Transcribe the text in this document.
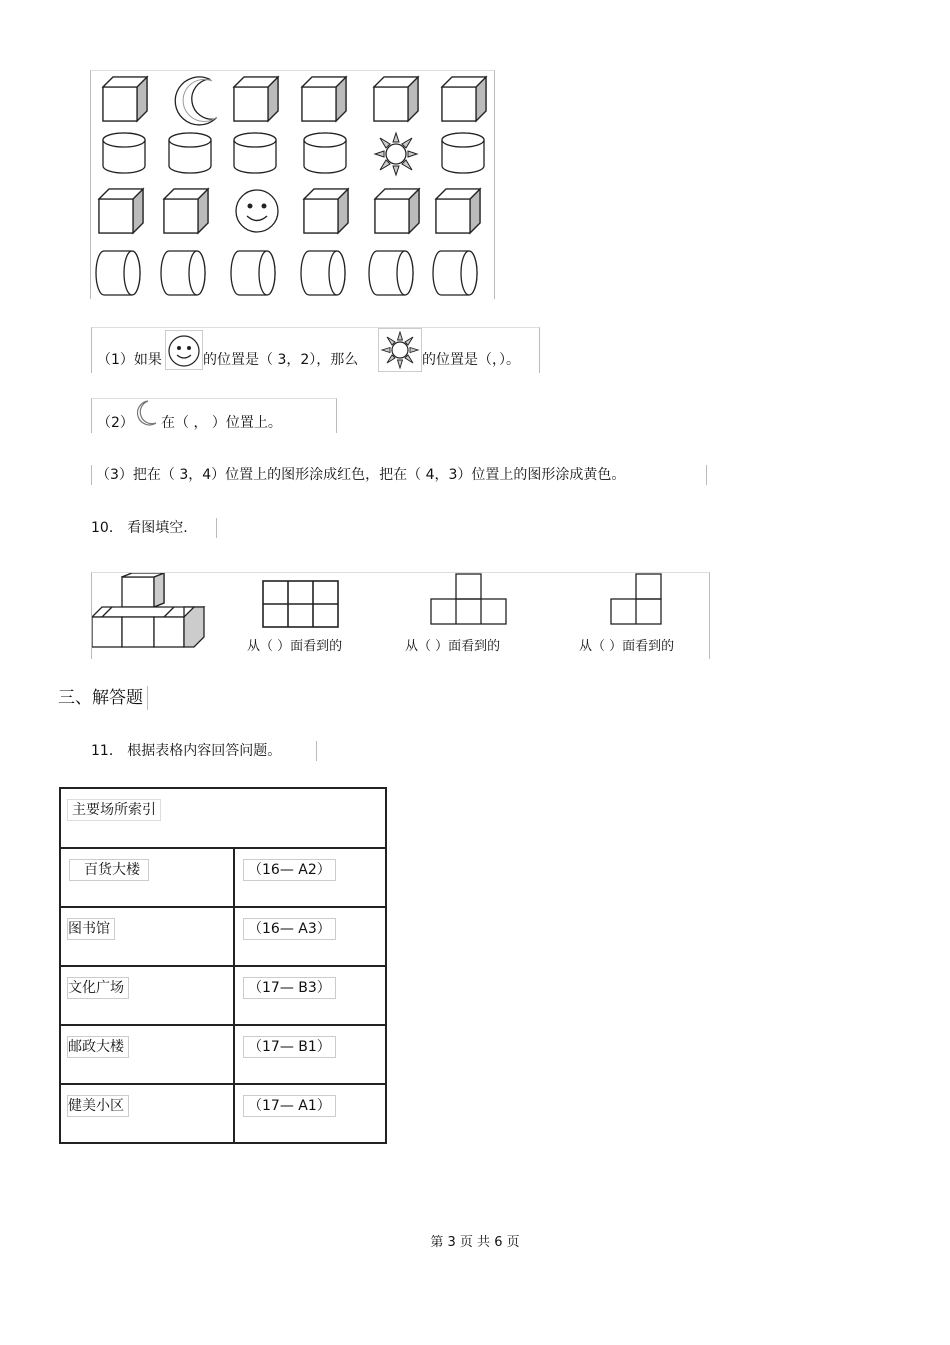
（1）如果	的位置是（ 3，2），那么	的位置是（，）。
（2） 在（ ， ）位置上。
（3）把在（ 3，4）位置上的图形涂成红色，把在（ 4，3）位置上的图形涂成黄色。
10． 看图填空.
从（ ）面看到的	从（ ）面看到的	从（ ）面看到的
三、解答题
11． 根据表格内容回答问题。
主要场所索引	
百货大楼	（16— A2）
图书馆	（16— A3）
文化广场	（17— B3）
邮政大楼	（17— B1）
健美小区	（17— A1）
第 3 页 共 6 页
